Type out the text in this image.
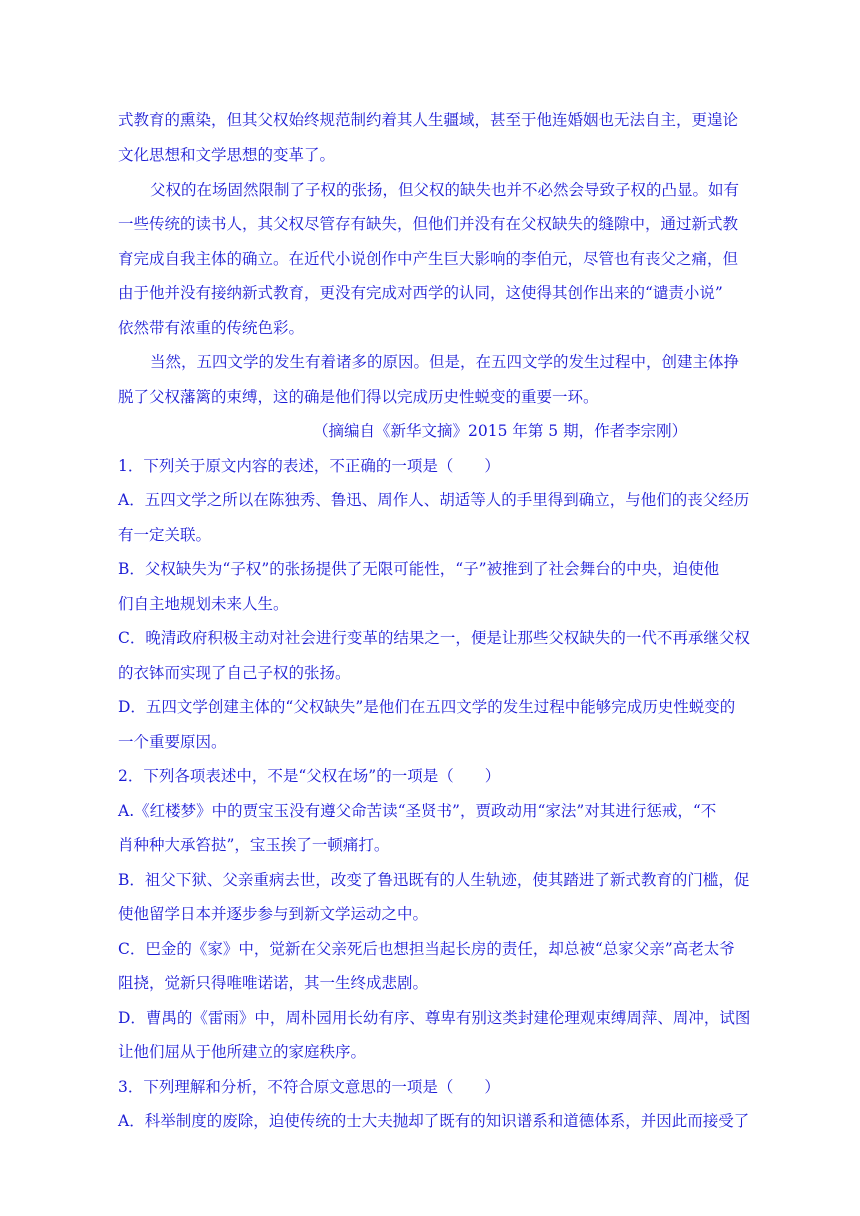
式教育的熏染，但其父权始终规范制约着其人生疆域，甚至于他连婚姻也无法自主，更遑论

文化思想和文学思想的变革了。

父权的在场固然限制了子权的张扬，但父权的缺失也并不必然会导致子权的凸显。如有

一些传统的读书人，其父权尽管存有缺失，但他们并没有在父权缺失的缝隙中，通过新式教

育完成自我主体的确立。在近代小说创作中产生巨大影响的李伯元，尽管也有丧父之痛，但

由于他并没有接纳新式教育，更没有完成对西学的认同，这使得其创作出来的“谴责小说”

依然带有浓重的传统色彩。

当然，五四文学的发生有着诸多的原因。但是，在五四文学的发生过程中，创建主体挣

脱了父权藩篱的束缚，这的确是他们得以完成历史性蜕变的重要一环。

（摘编自《新华文摘》2015 年第 5 期，作者李宗刚）

1．下列关于原文内容的表述，不正确的一项是（　　）

A．五四文学之所以在陈独秀、鲁迅、周作人、胡适等人的手里得到确立，与他们的丧父经历

有一定关联。

B．父权缺失为“子权”的张扬提供了无限可能性，“子”被推到了社会舞台的中央，迫使他

们自主地规划未来人生。

C．晚清政府积极主动对社会进行变革的结果之一，便是让那些父权缺失的一代不再承继父权

的衣钵而实现了自己子权的张扬。

D．五四文学创建主体的“父权缺失”是他们在五四文学的发生过程中能够完成历史性蜕变的

一个重要原因。

2．下列各项表述中，不是“父权在场”的一项是（　　）

A.《红楼梦》中的贾宝玉没有遵父命苦读“圣贤书”，贾政动用“家法”对其进行惩戒，“不

肖种种大承笞挞”，宝玉挨了一顿痛打。

B．祖父下狱、父亲重病去世，改变了鲁迅既有的人生轨迹，使其踏进了新式教育的门槛，促

使他留学日本并逐步参与到新文学运动之中。

C．巴金的《家》中，觉新在父亲死后也想担当起长房的责任，却总被“总家父亲”高老太爷

阻挠，觉新只得唯唯诺诺，其一生终成悲剧。

D．曹禺的《雷雨》中，周朴园用长幼有序、尊卑有别这类封建伦理观束缚周萍、周冲，试图

让他们屈从于他所建立的家庭秩序。

3．下列理解和分析，不符合原文意思的一项是（　　）

A．科举制度的废除，迫使传统的士大夫抛却了既有的知识谱系和道德体系，并因此而接受了
